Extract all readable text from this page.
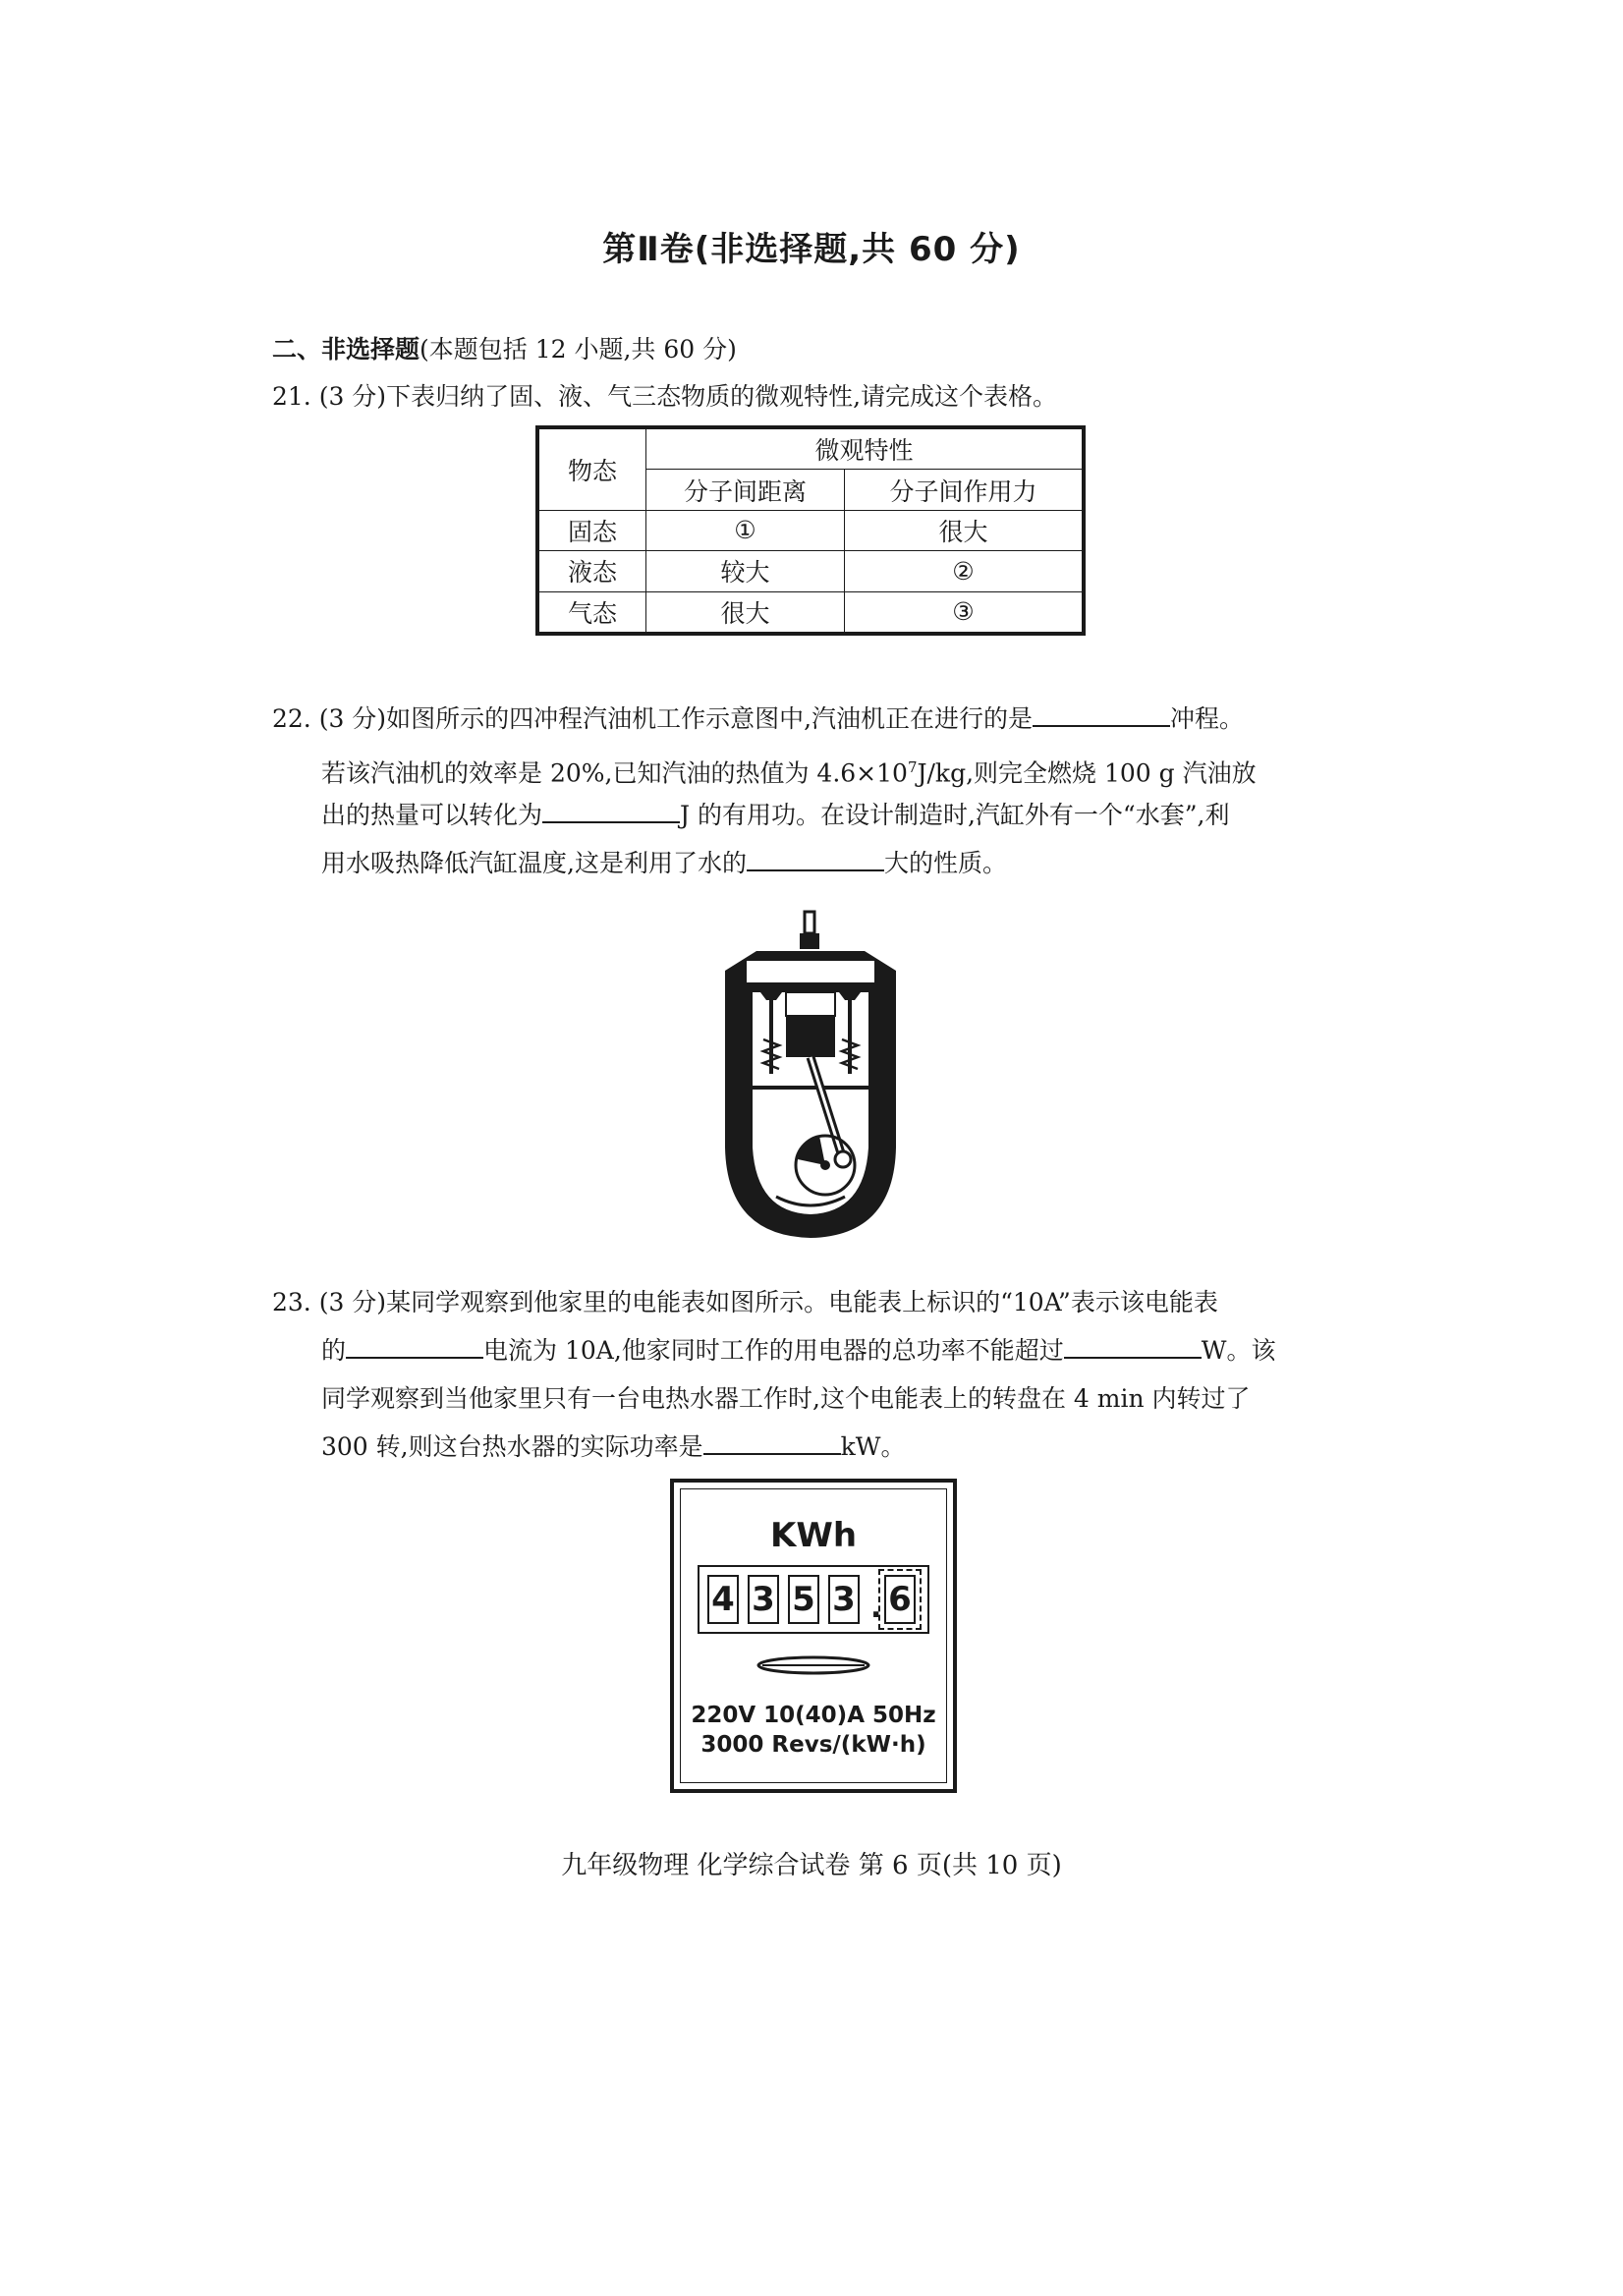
第Ⅱ卷(非选择题,共 60 分)
二、非选择题(本题包括 12 小题,共 60 分)
21. (3 分)下表归纳了固、液、气三态物质的微观特性,请完成这个表格。
物态	微观特性	
	分子间距离	分子间作用力
固态	①	很大
液态	较大	②
气态	很大	③
22. (3 分)如图所示的四冲程汽油机工作示意图中,汽油机正在进行的是	冲程。
若该汽油机的效率是 20%,已知汽油的热值为 $4.6\times 10^7J/kg$,则完全燃烧 100 g 汽油放
出的热量可以转化为	J 的有用功。在设计制造时,汽缸外有一个“水套”,利
用水吸热降低汽缸温度,这是利用了水的	大的性质。
23. (3 分)某同学观察到他家里的电能表如图所示。电能表上标识的“10A”表示该电能表
的	电流为 10A,他家同时工作的用电器的总功率不能超过	W。该
同学观察到当他家里只有一台电热水器工作时,这个电能表上的转盘在 4 min 内转过了
300 转,则这台热水器的实际功率是	kW。
KWh
4 3 5 3 . 6
220V 10(40)A 50Hz
3000 Revs/(kW·h)
九年级物理 化学综合试卷 第 6 页(共 10 页)
